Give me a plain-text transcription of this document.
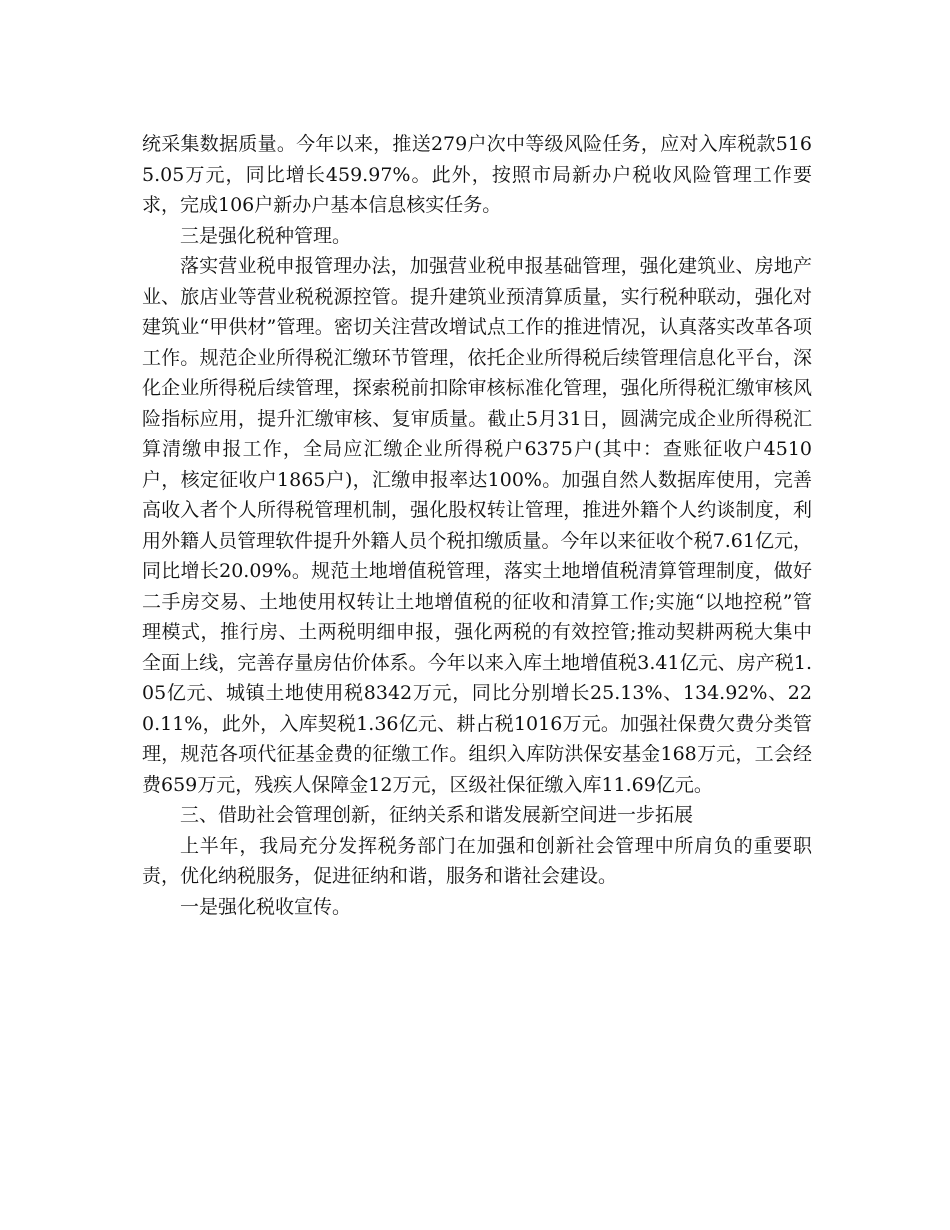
统采集数据质量。今年以来，推送279户次中等级风险任务，应对入库税款5165.05万元，同比增长459.97%。此外，按照市局新办户税收风险管理工作要求，完成106户新办户基本信息核实任务。

三是强化税种管理。

落实营业税申报管理办法，加强营业税申报基础管理，强化建筑业、房地产业、旅店业等营业税税源控管。提升建筑业预清算质量，实行税种联动，强化对建筑业“甲供材”管理。密切关注营改增试点工作的推进情况，认真落实改革各项工作。规范企业所得税汇缴环节管理，依托企业所得税后续管理信息化平台，深化企业所得税后续管理，探索税前扣除审核标准化管理，强化所得税汇缴审核风险指标应用，提升汇缴审核、复审质量。截止5月31日，圆满完成企业所得税汇算清缴申报工作，全局应汇缴企业所得税户6375户(其中：查账征收户4510户，核定征收户1865户)，汇缴申报率达100%。加强自然人数据库使用，完善高收入者个人所得税管理机制，强化股权转让管理，推进外籍个人约谈制度，利用外籍人员管理软件提升外籍人员个税扣缴质量。今年以来征收个税7.61亿元，同比增长20.09%。规范土地增值税管理，落实土地增值税清算管理制度，做好二手房交易、土地使用权转让土地增值税的征收和清算工作;实施“以地控税”管理模式，推行房、土两税明细申报，强化两税的有效控管;推动契耕两税大集中全面上线，完善存量房估价体系。今年以来入库土地增值税3.41亿元、房产税1.05亿元、城镇土地使用税8342万元，同比分别增长25.13%、134.92%、220.11%，此外，入库契税1.36亿元、耕占税1016万元。加强社保费欠费分类管理，规范各项代征基金费的征缴工作。组织入库防洪保安基金168万元，工会经费659万元，残疾人保障金12万元，区级社保征缴入库11.69亿元。

三、借助社会管理创新，征纳关系和谐发展新空间进一步拓展

上半年，我局充分发挥税务部门在加强和创新社会管理中所肩负的重要职责，优化纳税服务，促进征纳和谐，服务和谐社会建设。

一是强化税收宣传。
